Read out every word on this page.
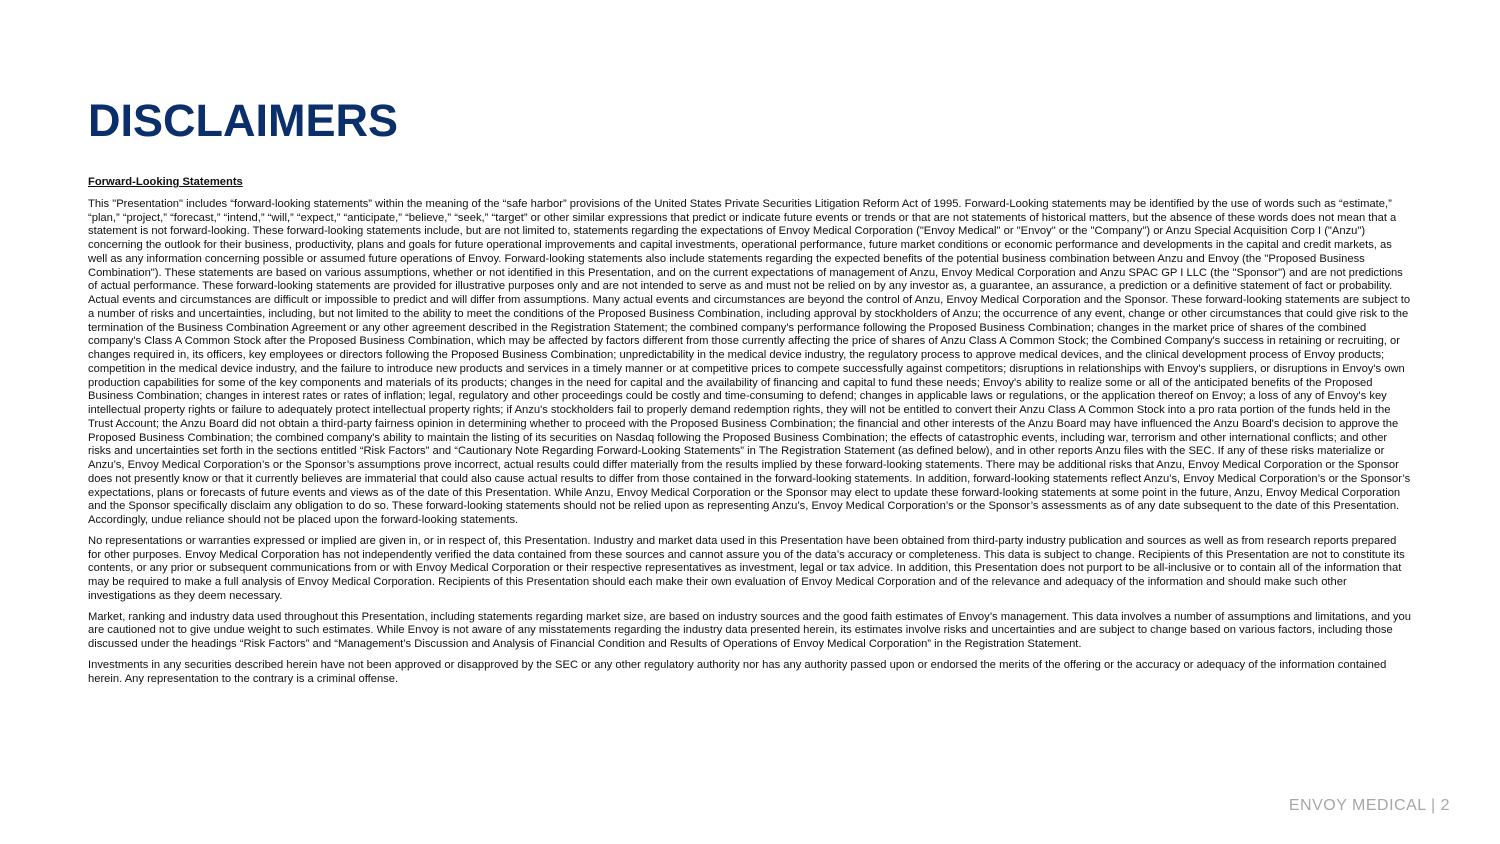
DISCLAIMERS
Forward-Looking Statements

This "Presentation" includes “forward-looking statements” within the meaning of the “safe harbor” provisions of the United States Private Securities Litigation Reform Act of 1995. Forward-Looking statements may be identified by the use of words such as “estimate,” “plan,” “project,” “forecast,” “intend,” “will,” “expect,” “anticipate,” “believe,” “seek,” “target” or other similar expressions that predict or indicate future events or trends or that are not statements of historical matters, but the absence of these words does not mean that a statement is not forward-looking. These forward-looking statements include, but are not limited to, statements regarding the expectations of Envoy Medical Corporation ("Envoy Medical" or "Envoy" or the "Company") or Anzu Special Acquisition Corp I ("Anzu") concerning the outlook for their business, productivity, plans and goals for future operational improvements and capital investments, operational performance, future market conditions or economic performance and developments in the capital and credit markets, as well as any information concerning possible or assumed future operations of Envoy. Forward-looking statements also include statements regarding the expected benefits of the potential business combination between Anzu and Envoy (the "Proposed Business Combination"). These statements are based on various assumptions, whether or not identified in this Presentation, and on the current expectations of management of Anzu, Envoy Medical Corporation and Anzu SPAC GP I LLC (the "Sponsor") and are not predictions of actual performance. These forward-looking statements are provided for illustrative purposes only and are not intended to serve as and must not be relied on by any investor as, a guarantee, an assurance, a prediction or a definitive statement of fact or probability. Actual events and circumstances are difficult or impossible to predict and will differ from assumptions. Many actual events and circumstances are beyond the control of Anzu, Envoy Medical Corporation and the Sponsor. These forward-looking statements are subject to a number of risks and uncertainties, including, but not limited to the ability to meet the conditions of the Proposed Business Combination, including approval by stockholders of Anzu; the occurrence of any event, change or other circumstances that could give risk to the termination of the Business Combination Agreement or any other agreement described in the Registration Statement; the combined company's performance following the Proposed Business Combination; changes in the market price of shares of the combined company's Class A Common Stock after the Proposed Business Combination, which may be affected by factors different from those currently affecting the price of shares of Anzu Class A Common Stock; the Combined Company's success in retaining or recruiting, or changes required in, its officers, key employees or directors following the Proposed Business Combination; unpredictability in the medical device industry, the regulatory process to approve medical devices, and the clinical development process of Envoy products; competition in the medical device industry, and the failure to introduce new products and services in a timely manner or at competitive prices to compete successfully against competitors; disruptions in relationships with Envoy's suppliers, or disruptions in Envoy's own production capabilities for some of the key components and materials of its products; changes in the need for capital and the availability of financing and capital to fund these needs; Envoy's ability to realize some or all of the anticipated benefits of the Proposed Business Combination; changes in interest rates or rates of inflation; legal, regulatory and other proceedings could be costly and time-consuming to defend; changes in applicable laws or regulations, or the application thereof on Envoy; a loss of any of Envoy's key intellectual property rights or failure to adequately protect intellectual property rights; if Anzu's stockholders fail to properly demand redemption rights, they will not be entitled to convert their Anzu Class A Common Stock into a pro rata portion of the funds held in the Trust Account; the Anzu Board did not obtain a third-party fairness opinion in determining whether to proceed with the Proposed Business Combination; the financial and other interests of the Anzu Board may have influenced the Anzu Board's decision to approve the Proposed Business Combination; the combined company's ability to maintain the listing of its securities on Nasdaq following the Proposed Business Combination; the effects of catastrophic events, including war, terrorism and other international conflicts; and other risks and uncertainties set forth in the sections entitled “Risk Factors” and “Cautionary Note Regarding Forward-Looking Statements” in The Registration Statement (as defined below), and in other reports Anzu files with the SEC. If any of these risks materialize or Anzu’s, Envoy Medical Corporation’s or the Sponsor’s assumptions prove incorrect, actual results could differ materially from the results implied by these forward-looking statements. There may be additional risks that Anzu, Envoy Medical Corporation or the Sponsor does not presently know or that it currently believes are immaterial that could also cause actual results to differ from those contained in the forward-looking statements. In addition, forward-looking statements reflect Anzu’s, Envoy Medical Corporation’s or the Sponsor’s expectations, plans or forecasts of future events and views as of the date of this Presentation. While Anzu, Envoy Medical Corporation or the Sponsor may elect to update these forward-looking statements at some point in the future, Anzu, Envoy Medical Corporation and the Sponsor specifically disclaim any obligation to do so. These forward-looking statements should not be relied upon as representing Anzu’s, Envoy Medical Corporation’s or the Sponsor’s assessments as of any date subsequent to the date of this Presentation. Accordingly, undue reliance should not be placed upon the forward-looking statements.

No representations or warranties expressed or implied are given in, or in respect of, this Presentation. Industry and market data used in this Presentation have been obtained from third-party industry publication and sources as well as from research reports prepared for other purposes. Envoy Medical Corporation has not independently verified the data contained from these sources and cannot assure you of the data’s accuracy or completeness. This data is subject to change. Recipients of this Presentation are not to constitute its contents, or any prior or subsequent communications from or with Envoy Medical Corporation or their respective representatives as investment, legal or tax advice. In addition, this Presentation does not purport to be all-inclusive or to contain all of the information that may be required to make a full analysis of Envoy Medical Corporation. Recipients of this Presentation should each make their own evaluation of Envoy Medical Corporation and of the relevance and adequacy of the information and should make such other investigations as they deem necessary.

Market, ranking and industry data used throughout this Presentation, including statements regarding market size, are based on industry sources and the good faith estimates of Envoy’s management. This data involves a number of assumptions and limitations, and you are cautioned not to give undue weight to such estimates. While Envoy is not aware of any misstatements regarding the industry data presented herein, its estimates involve risks and uncertainties and are subject to change based on various factors, including those discussed under the headings “Risk Factors” and “Management’s Discussion and Analysis of Financial Condition and Results of Operations of Envoy Medical Corporation” in the Registration Statement.

Investments in any securities described herein have not been approved or disapproved by the SEC or any other regulatory authority nor has any authority passed upon or endorsed the merits of the offering or the accuracy or adequacy of the information contained herein. Any representation to the contrary is a criminal offense.

ENVOY MEDICAL | 2
